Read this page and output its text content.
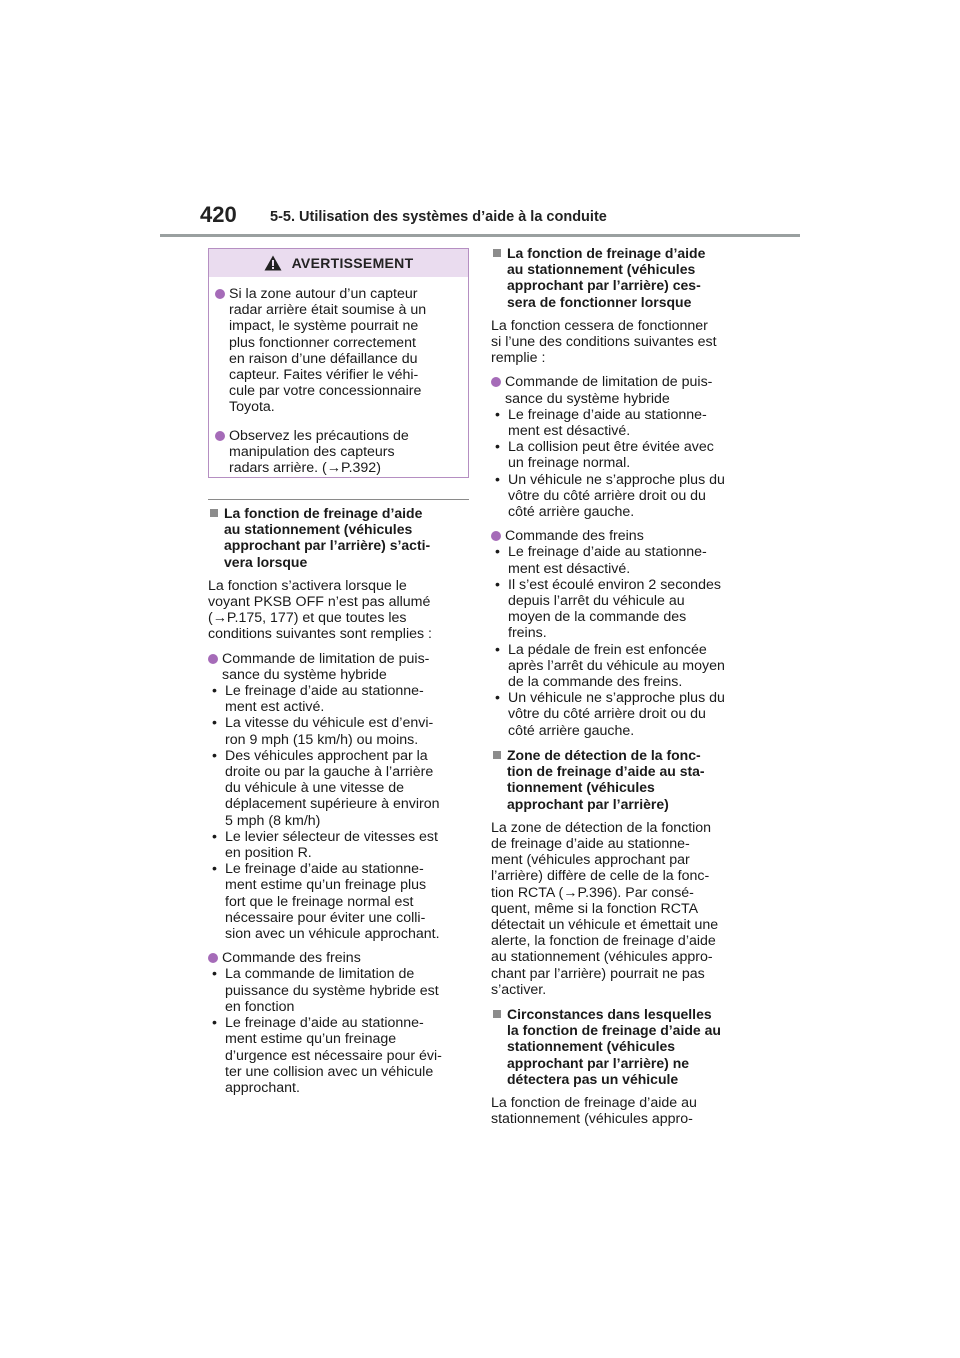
420 5-5. Utilisation des systèmes d’aide à la conduite
AVERTISSEMENT
Si la zone autour d’un capteur
radar arrière était soumise à un
impact, le système pourrait ne
plus fonctionner correctement
en raison d’une défaillance du
capteur. Faites vérifier le véhi-
cule par votre concessionnaire
Toyota.
Observez les précautions de
manipulation des capteurs
radars arrière. (→P.392)
La fonction de freinage d’aide
au stationnement (véhicules
approchant par l’arrière) s’acti-
vera lorsque
La fonction s’activera lorsque le
voyant PKSB OFF n’est pas allumé
(→P.175, 177) et que toutes les
conditions suivantes sont remplies :
Commande de limitation de puis-
sance du système hybride
• Le freinage d’aide au stationne-
ment est activé.
• La vitesse du véhicule est d’envi-
ron 9 mph (15 km/h) ou moins.
• Des véhicules approchent par la
droite ou par la gauche à l’arrière
du véhicule à une vitesse de
déplacement supérieure à environ
5 mph (8 km/h)
• Le levier sélecteur de vitesses est
en position R.
• Le freinage d’aide au stationne-
ment estime qu’un freinage plus
fort que le freinage normal est
nécessaire pour éviter une colli-
sion avec un véhicule approchant.
Commande des freins
• La commande de limitation de
puissance du système hybride est
en fonction
• Le freinage d’aide au stationne-
ment estime qu’un freinage
d’urgence est nécessaire pour évi-
ter une collision avec un véhicule
approchant.
La fonction de freinage d’aide
au stationnement (véhicules
approchant par l’arrière) ces-
sera de fonctionner lorsque
La fonction cessera de fonctionner
si l’une des conditions suivantes est
remplie :
Commande de limitation de puis-
sance du système hybride
• Le freinage d’aide au stationne-
ment est désactivé.
• La collision peut être évitée avec
un freinage normal.
• Un véhicule ne s’approche plus du
vôtre du côté arrière droit ou du
côté arrière gauche.
Commande des freins
• Le freinage d’aide au stationne-
ment est désactivé.
• Il s’est écoulé environ 2 secondes
depuis l’arrêt du véhicule au
moyen de la commande des
freins.
• La pédale de frein est enfoncée
après l’arrêt du véhicule au moyen
de la commande des freins.
• Un véhicule ne s’approche plus du
vôtre du côté arrière droit ou du
côté arrière gauche.
Zone de détection de la fonc-
tion de freinage d’aide au sta-
tionnement (véhicules
approchant par l’arrière)
La zone de détection de la fonction
de freinage d’aide au stationne-
ment (véhicules approchant par
l’arrière) diffère de celle de la fonc-
tion RCTA (→P.396). Par consé-
quent, même si la fonction RCTA
détectait un véhicule et émettait une
alerte, la fonction de freinage d’aide
au stationnement (véhicules appro-
chant par l’arrière) pourrait ne pas
s’activer.
Circonstances dans lesquelles
la fonction de freinage d’aide au
stationnement (véhicules
approchant par l’arrière) ne
détectera pas un véhicule
La fonction de freinage d’aide au
stationnement (véhicules appro-
